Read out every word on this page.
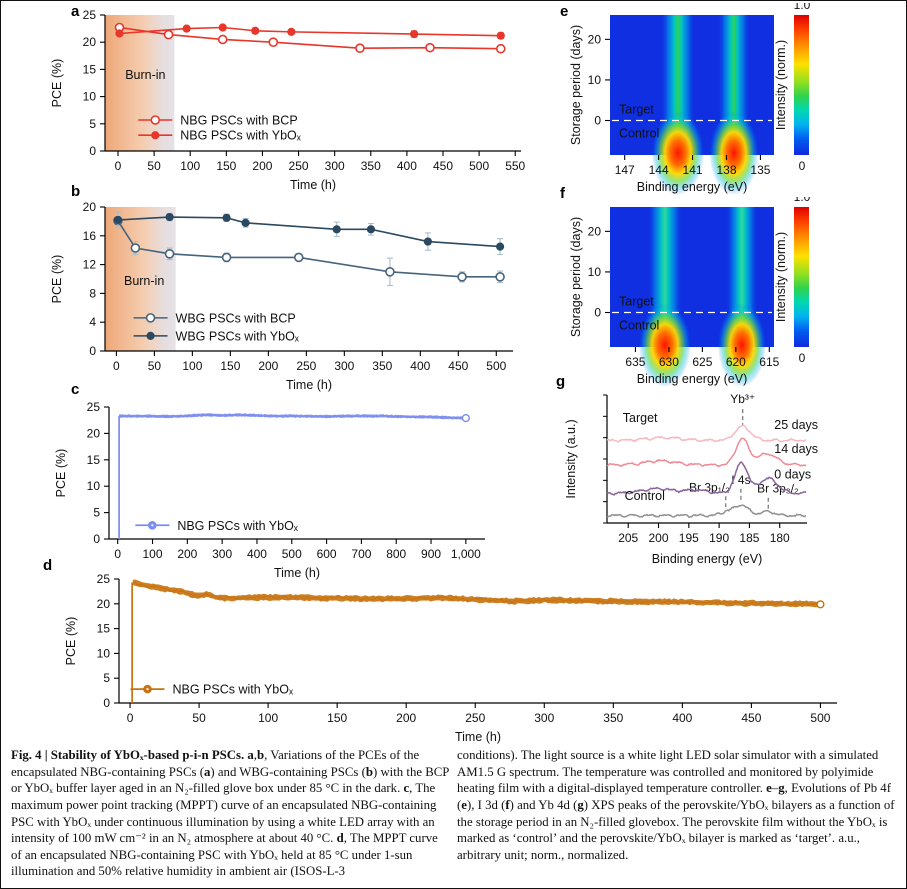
a
b
c
d
e
f
g
Burn-in
0 50 100 150 200 250 300 350 400 450 500 550
0
5
10
15
20
25
Time (h)
PCE (%)
NBG PSCs with BCP
NBG PSCs with YbOₓ
Burn-in
0 50 100 150 200 250 300 350 400 450 500
0
4
8
12
16
20
Time (h)
PCE (%)
WBG PSCs with BCP
WBG PSCs with YbOₓ
0 100 200 300 400 500 600 700 800 900 1,000
0
5
10
15
20
25
Time (h)
PCE (%)
NBG PSCs with YbOₓ
0	50	100	150	200	250	300	350	400	450	500
0
5
10
15
20
25
Time (h)
PCE (%)
NBG PSCs with YbOₓ
Target
Control
147 144 141 138 135
0
10
20
Binding energy (eV)
Storage period (days)
1.0
0
Intensity (norm.)
Target
Control
635 630 625 620 615
0
10
20
Binding energy (eV)
Storage period (days)
1.0
0
Intensity (norm.)
205 200 195 190 185 180
Binding energy (eV)
Intensity (a.u.)
Yb³⁺
I 4s
Br 3p₁/₂ Br 3p₃/₂
0 days
14 days
25 days
Target
Control
Fig. 4 | Stability of YbOₓ-based p-i-n PSCs. a,b, Variations of the PCEs of the encapsulated NBG-containing PSCs (a) and WBG-containing PSCs (b) with the BCP or YbOₓ buffer layer aged in an N₂-filled glove box under 85 °C in the dark. c, The maximum power point tracking (MPPT) curve of an encapsulated NBG-containing PSC with YbOₓ under continuous illumination by using a white LED array with an intensity of 100 mW cm⁻² in an N₂ atmosphere at about 40 °C. d, The MPPT curve of an encapsulated NBG-containing PSC with YbOₓ held at 85 °C under 1-sun illumination and 50% relative humidity in ambient air (ISOS-L-3
conditions). The light source is a white light LED solar simulator with a simulated AM1.5 G spectrum. The temperature was controlled and monitored by polyimide heating film with a digital-displayed temperature controller. e–g, Evolutions of Pb 4f (e), I 3d (f) and Yb 4d (g) XPS peaks of the perovskite/YbOₓ bilayers as a function of the storage period in an N₂-filled glovebox. The perovskite film without the YbOₓ is marked as ‘control’ and the perovskite/YbOₓ bilayer is marked as ‘target’. a.u., arbitrary unit; norm., normalized.
